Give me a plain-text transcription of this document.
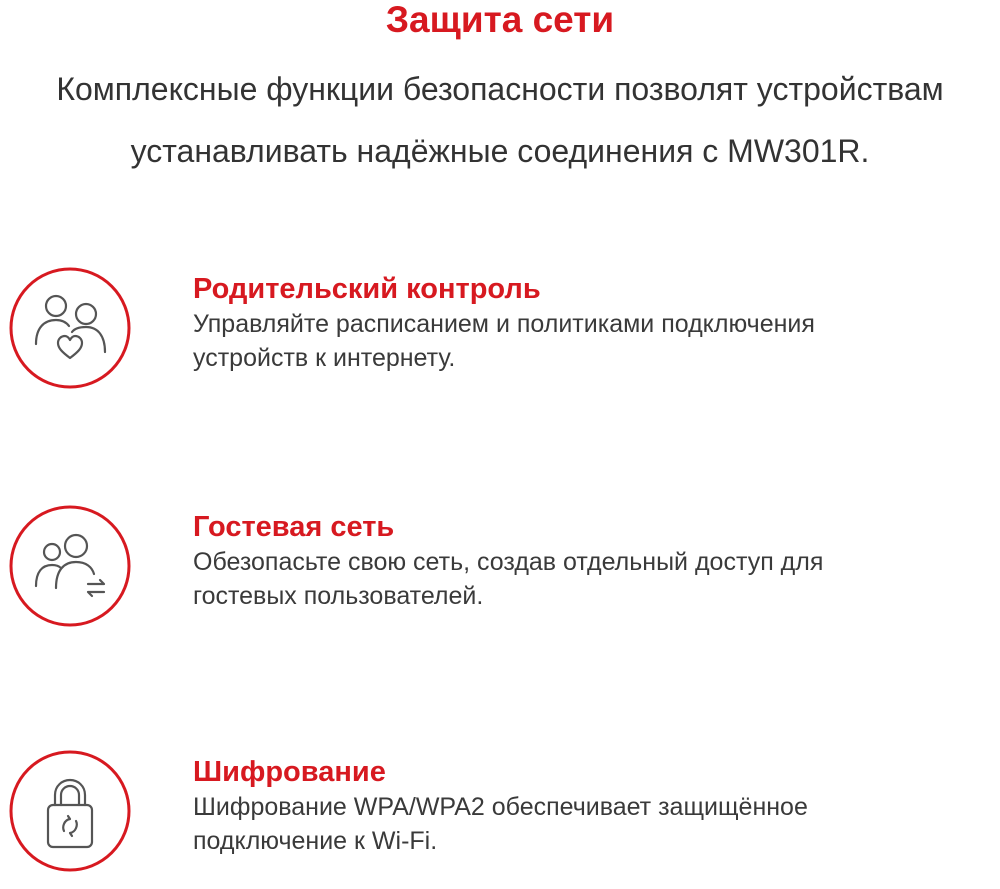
Защита сети
Комплексные функции безопасности позволят устройствам
устанавливать надёжные соединения с MW301R.
Родительский контроль
Управляйте расписанием и политиками подключения
устройств к интернету.
Гостевая сеть
Обезопасьте свою сеть, создав отдельный доступ для
гостевых пользователей.
Шифрование
Шифрование WPA/WPA2 обеспечивает защищённое
подключение к Wi-Fi.
